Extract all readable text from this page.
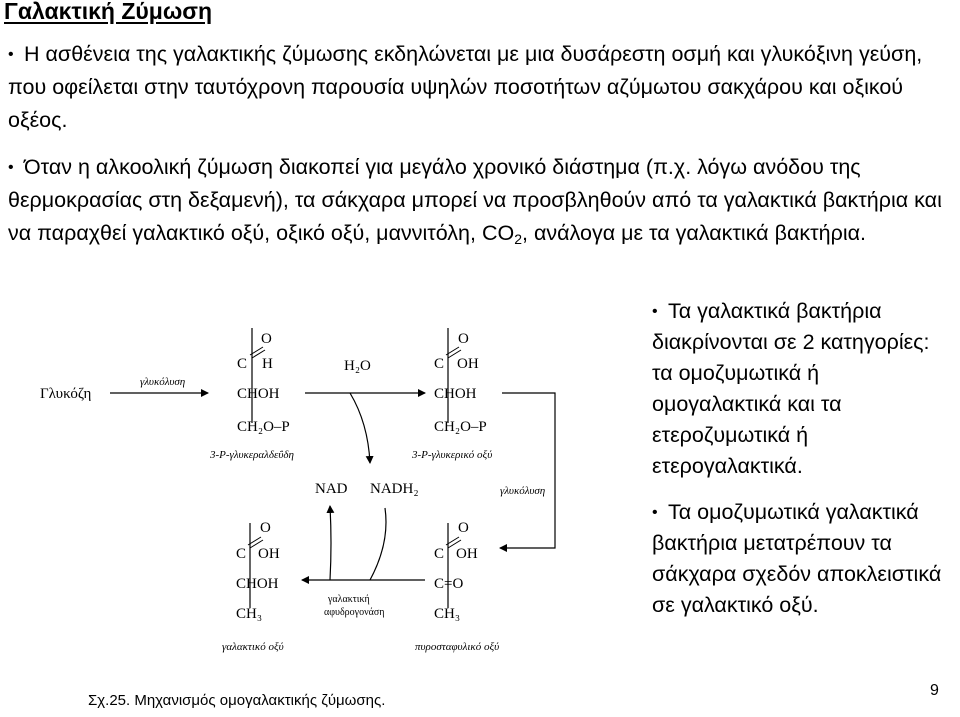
Γαλακτική Ζύμωση
• Η ασθένεια της γαλακτικής ζύμωσης εκδηλώνεται με μια δυσάρεστη οσμή και γλυκόξινη γεύση, που οφείλεται στην ταυτόχρονη παρουσία υψηλών ποσοτήτων αζύμωτου σακχάρου και οξικού οξέος.
• Όταν η αλκοολική ζύμωση διακοπεί για μεγάλο χρονικό διάστημα (π.χ. λόγω ανόδου της θερμοκρασίας στη δεξαμενή), τα σάκχαρα μπορεί να προσβληθούν από τα γαλακτικά βακτήρια και να παραχθεί γαλακτικό οξύ, οξικό οξύ, μαννιτόλη, $CO_2$, ανάλογα με τα γαλακτικά βακτήρια.
• Τα γαλακτικά βακτήρια διακρίνονται σε 2 κατηγορίες: τα ομοζυμωτικά ή ομογαλακτικά και τα ετεροζυμωτικά ή ετερογαλακτικά.
• Τα ομοζυμωτικά γαλακτικά βακτήρια μετατρέπουν τα σάκχαρα σχεδόν αποκλειστικά σε γαλακτικό οξύ.
Γλυκόζη
γλυκόλυση
O
C H
CHOH
CH₂O–P
3-P-γλυκεραλδεΰδη
H₂O
O
C OH
CHOH
CH₂O–P
3-P-γλυκερικό οξύ
γλυκόλυση
NAD NADH₂
O
C OH
CHOH
CH₃
γαλακτικό οξύ
O
C OH
C=O
CH₃
πυροσταφυλικό οξύ
γαλακτική
αφυδρογονάση
Σχ.25. Μηχανισμός ομογαλακτικής ζύμωσης.
9
